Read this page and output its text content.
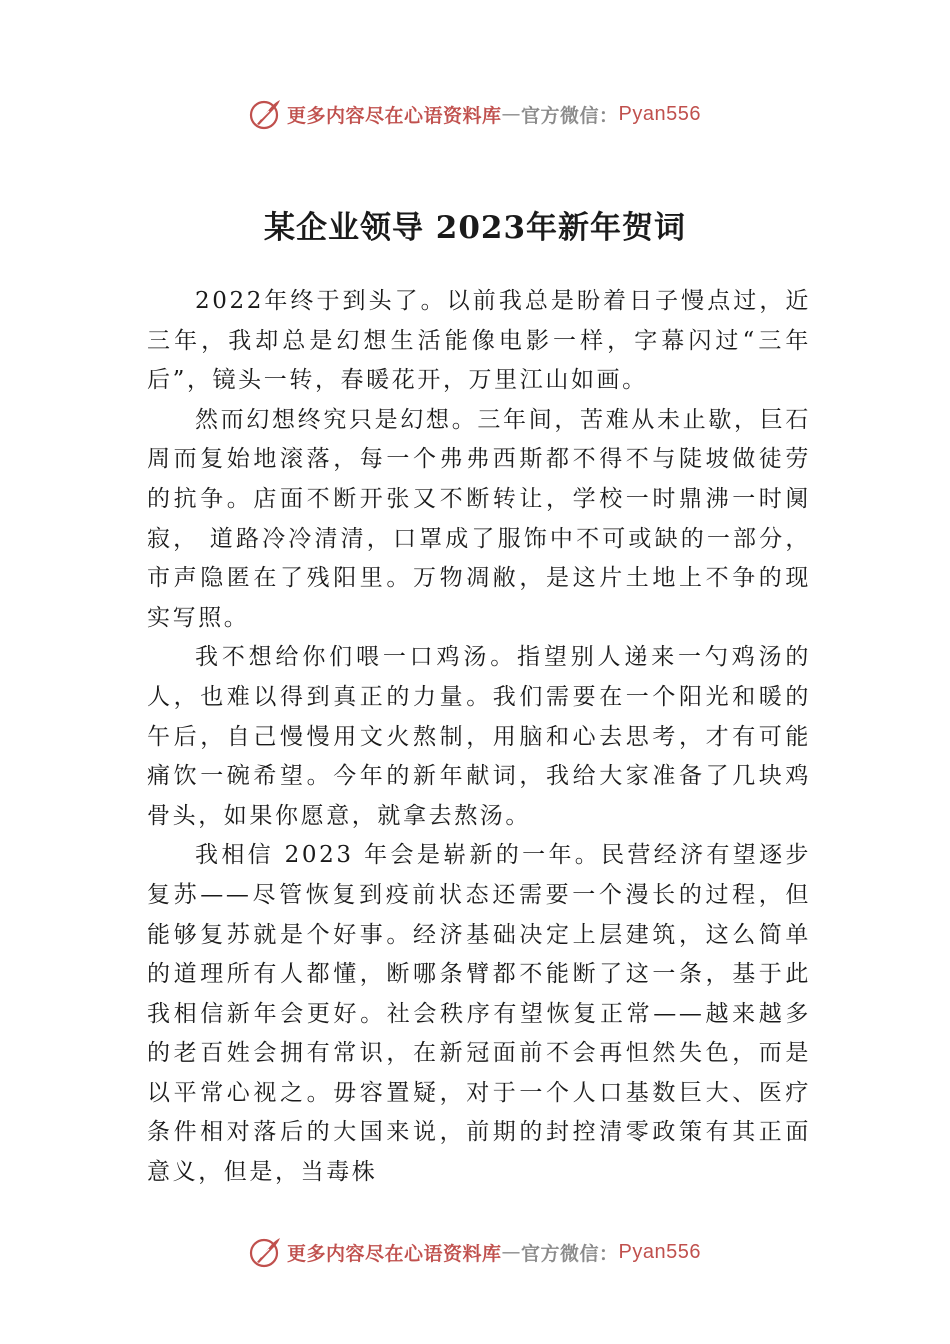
更多内容尽在心语资料库 — 官方微信： Pyan556
某企业领导 2023年新年贺词

2022年终于到头了。以前我总是盼着日子慢点过，近三年，我却总是幻想生活能像电影一样，字幕闪过“三年后”，镜头一转，春暖花开，万里江山如画。

然而幻想终究只是幻想。三年间，苦难从未止歇，巨石周而复始地滚落，每一个弗弗西斯都不得不与陡坡做徒劳的抗争。店面不断开张又不断转让，学校一时鼎沸一时阒寂， 道路冷冷清清，口罩成了服饰中不可或缺的一部分，市声隐匿在了残阳里。万物凋敝，是这片土地上不争的现实写照。

我不想给你们喂一口鸡汤。指望别人递来一勺鸡汤的人，也难以得到真正的力量。我们需要在一个阳光和暖的午后，自己慢慢用文火熬制，用脑和心去思考，才有可能痛饮一碗希望。今年的新年献词，我给大家准备了几块鸡骨头，如果你愿意，就拿去熬汤。

我相信 2023 年会是崭新的一年。民营经济有望逐步复苏——尽管恢复到疫前状态还需要一个漫长的过程，但能够复苏就是个好事。经济基础决定上层建筑，这么简单的道理所有人都懂，断哪条臂都不能断了这一条，基于此我相信新年会更好。社会秩序有望恢复正常——越来越多的老百姓会拥有常识，在新冠面前不会再怛然失色，而是以平常心视之。毋容置疑，对于一个人口基数巨大、医疗条件相对落后的大国来说，前期的封控清零政策有其正面意义，但是，当毒株

更多内容尽在心语资料库 — 官方微信： Pyan556
